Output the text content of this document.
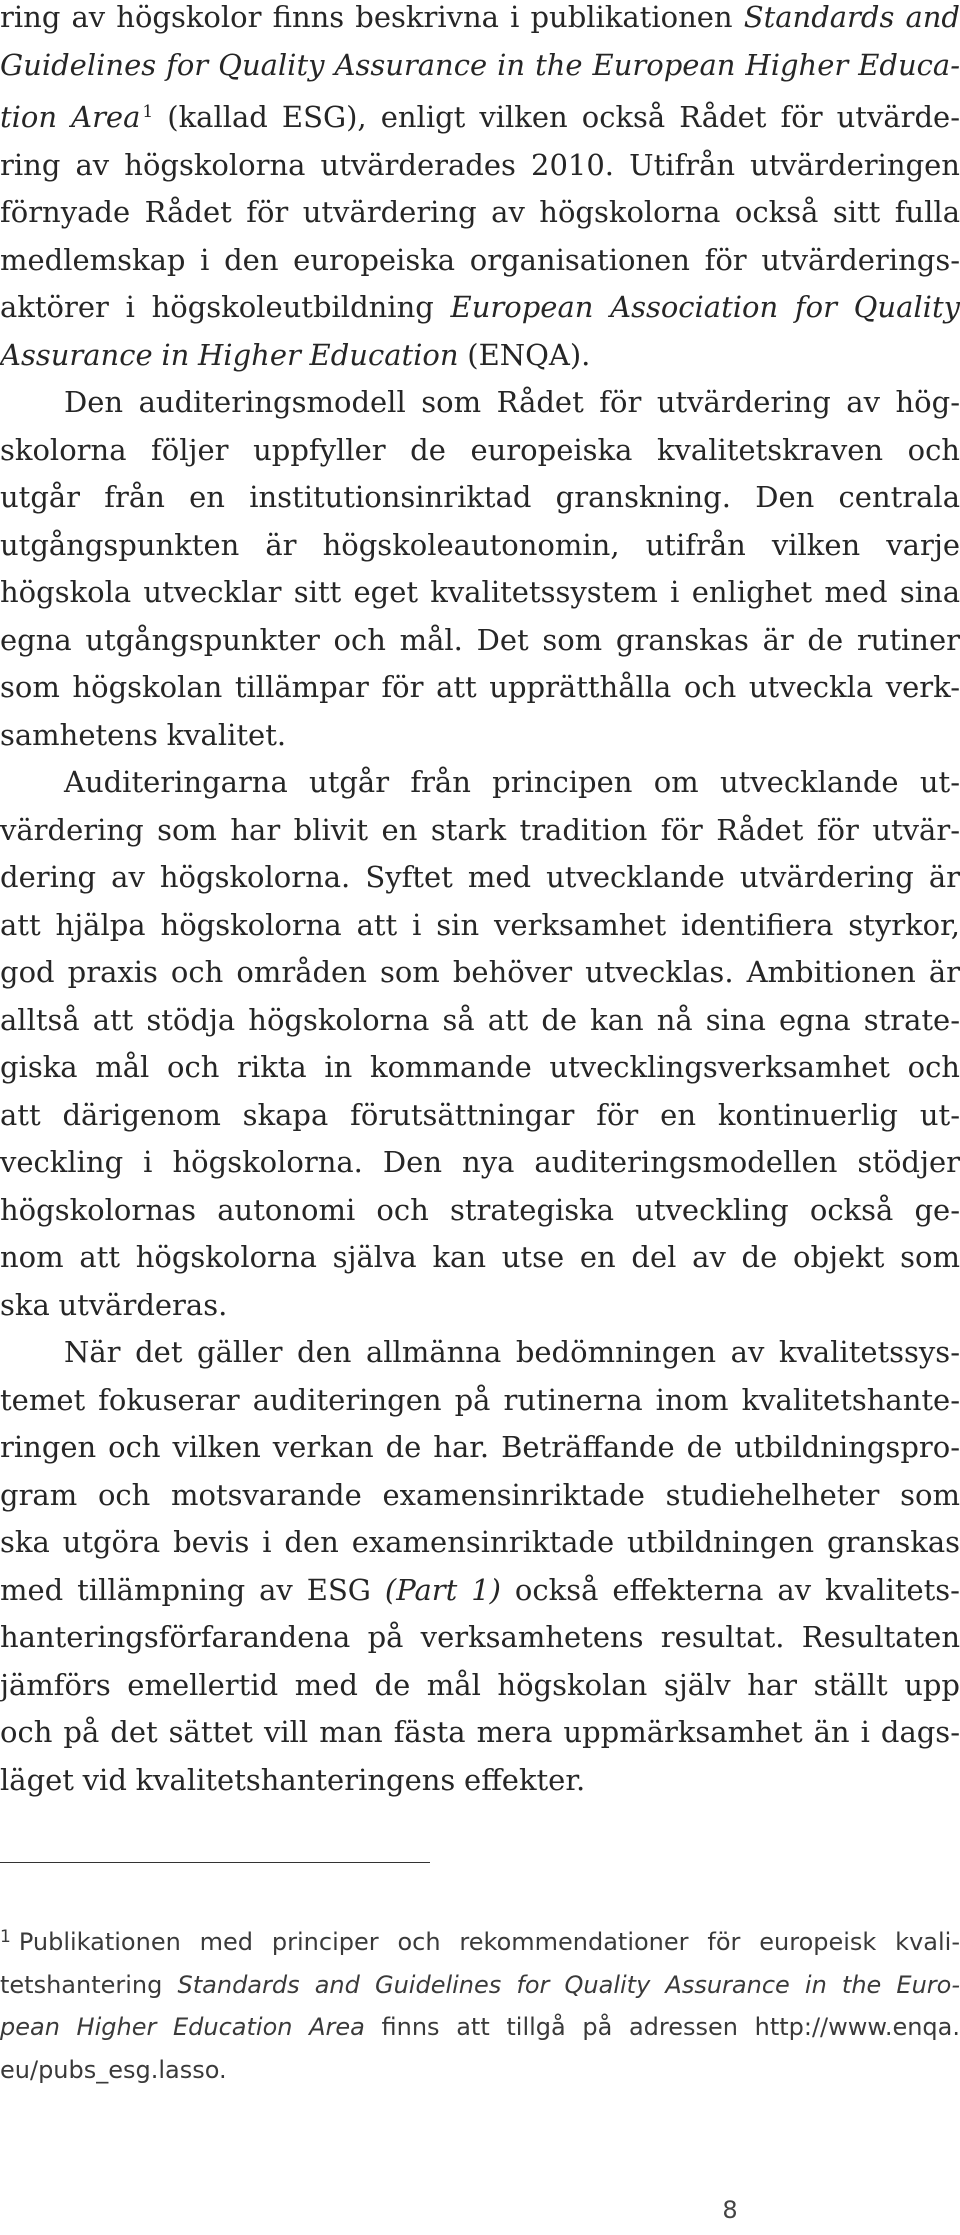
ring av högskolor finns beskrivna i publikationen Standards and
Guidelines for Quality Assurance in the European Higher Educa-
tion Area $^1$ (kallad ESG), enligt vilken också Rådet för utvärde-
ring av högskolorna utvärderades 2010. Utifrån utvärderingen
förnyade Rådet för utvärdering av högskolorna också sitt fulla
medlemskap i den europeiska organisationen för utvärderings-
aktörer i högskoleutbildning European Association for Quality
Assurance in Higher Education (ENQA).

Den auditeringsmodell som Rådet för utvärdering av hög-
skolorna följer uppfyller de europeiska kvalitetskraven och
utgår från en institutionsinriktad granskning. Den centrala
utgångspunkten är högskoleautonomin, utifrån vilken varje
högskola utvecklar sitt eget kvalitetssystem i enlighet med sina
egna utgångspunkter och mål. Det som granskas är de rutiner
som högskolan tillämpar för att upprätthålla och utveckla verk-
samhetens kvalitet.

Auditeringarna utgår från principen om utvecklande ut-
värdering som har blivit en stark tradition för Rådet för utvär-
dering av högskolorna. Syftet med utvecklande utvärdering är
att hjälpa högskolorna att i sin verksamhet identifiera styrkor,
god praxis och områden som behöver utvecklas. Ambitionen är
alltså att stödja högskolorna så att de kan nå sina egna strate-
giska mål och rikta in kommande utvecklingsverksamhet och
att därigenom skapa förutsättningar för en kontinuerlig ut-
veckling i högskolorna. Den nya auditeringsmodellen stödjer
högskolornas autonomi och strategiska utveckling också ge-
nom att högskolorna själva kan utse en del av de objekt som
ska utvärderas.

När det gäller den allmänna bedömningen av kvalitetssys-
temet fokuserar auditeringen på rutinerna inom kvalitetshante-
ringen och vilken verkan de har. Beträffande de utbildningspro-
gram och motsvarande examensinriktade studiehelheter som
ska utgöra bevis i den examensinriktade utbildningen granskas
med tillämpning av ESG (Part 1) också effekterna av kvalitets-
hanteringsförfarandena på verksamhetens resultat. Resultaten
jämförs emellertid med de mål högskolan själv har ställt upp
och på det sättet vill man fästa mera uppmärksamhet än i dags-
läget vid kvalitetshanteringens effekter.

$^1$ Publikationen med principer och rekommendationer för europeisk kvali-
tetshantering Standards and Guidelines for Quality Assurance in the Euro-
pean Higher Education Area finns att tillgå på adressen http://www.enqa.
eu/pubs_esg.lasso.
8
